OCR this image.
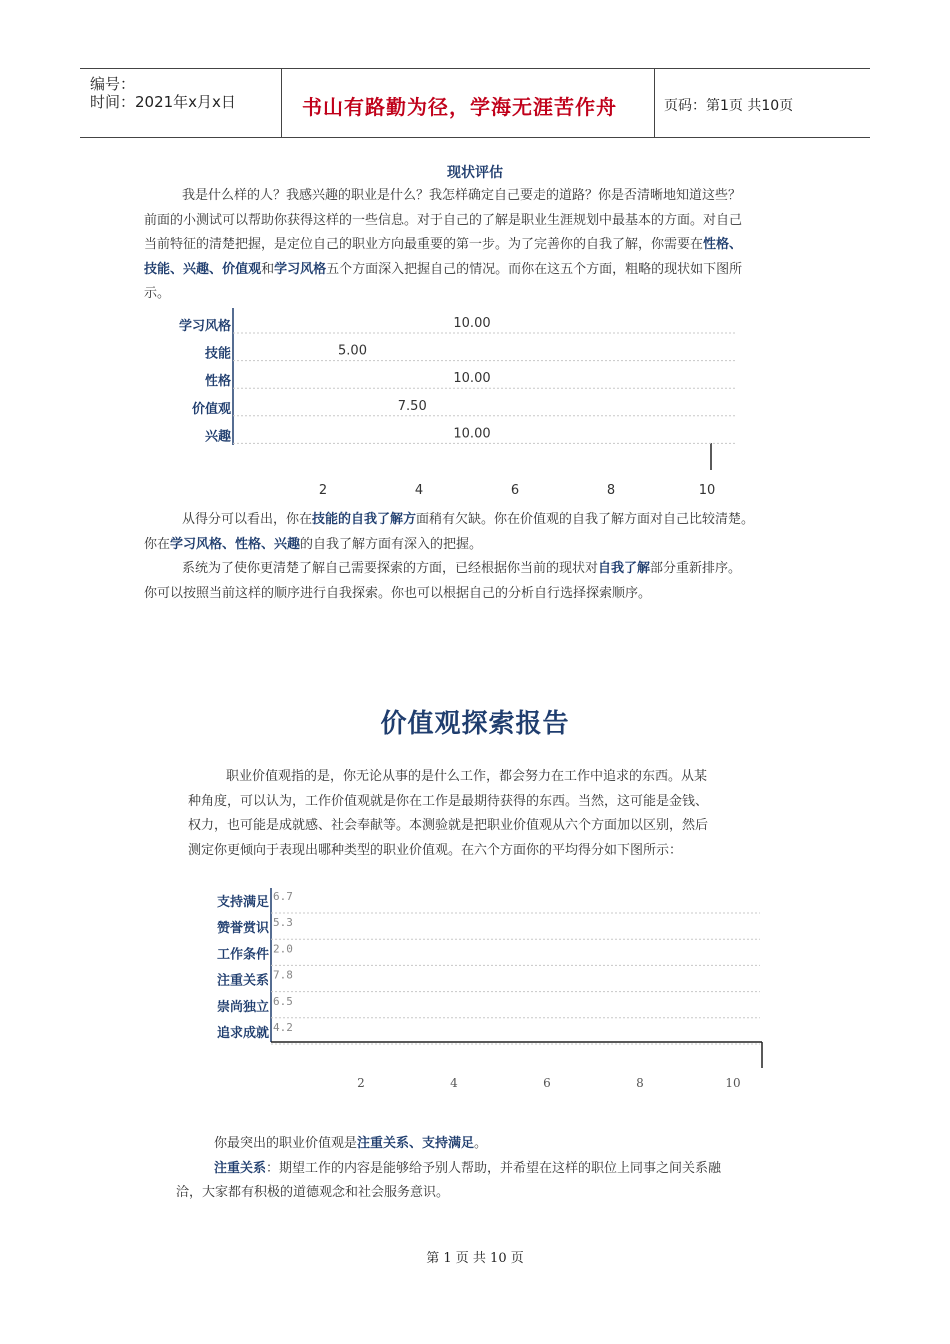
编号：
时间：2021年x月x日	书山有路勤为径，学海无涯苦作舟	页码：第1页 共10页
现状评估
我是什么样的人？我感兴趣的职业是什么？我怎样确定自己要走的道路？你是否清晰地知道这些？
前面的小测试可以帮助你获得这样的一些信息。对于自己的了解是职业生涯规划中最基本的方面。对自己
当前特征的清楚把握，是定位自己的职业方向最重要的第一步。为了完善你的自我了解，你需要在性格、
技能、兴趣、价值观和学习风格五个方面深入把握自己的情况。而你在这五个方面，粗略的现状如下图所
示。
学习风格	10.00
技能	5.00
性格	10.00
价值观	7.50
兴趣	10.00
2	4	6	8	10
从得分可以看出，你在技能的自我了解方面稍有欠缺。你在价值观的自我了解方面对自己比较清楚。
你在学习风格、性格、兴趣的自我了解方面有深入的把握。
系统为了使你更清楚了解自己需要探索的方面，已经根据你当前的现状对自我了解部分重新排序。
你可以按照当前这样的顺序进行自我探索。你也可以根据自己的分析自行选择探索顺序。
价值观探索报告
职业价值观指的是，你无论从事的是什么工作，都会努力在工作中追求的东西。从某
种角度，可以认为，工作价值观就是你在工作是最期待获得的东西。当然，这可能是金钱、
权力，也可能是成就感、社会奉献等。本测验就是把职业价值观从六个方面加以区别，然后
测定你更倾向于表现出哪种类型的职业价值观。在六个方面你的平均得分如下图所示：
支持满足 6.7
赞誉赏识 5.3
工作条件 2.0
注重关系 7.8
崇尚独立 6.5
追求成就 4.2
2	4	6	8	10
你最突出的职业价值观是注重关系、支持满足。
注重关系：期望工作的内容是能够给予别人帮助，并希望在这样的职位上同事之间关系融
洽，大家都有积极的道德观念和社会服务意识。
第 1 页 共 10 页
